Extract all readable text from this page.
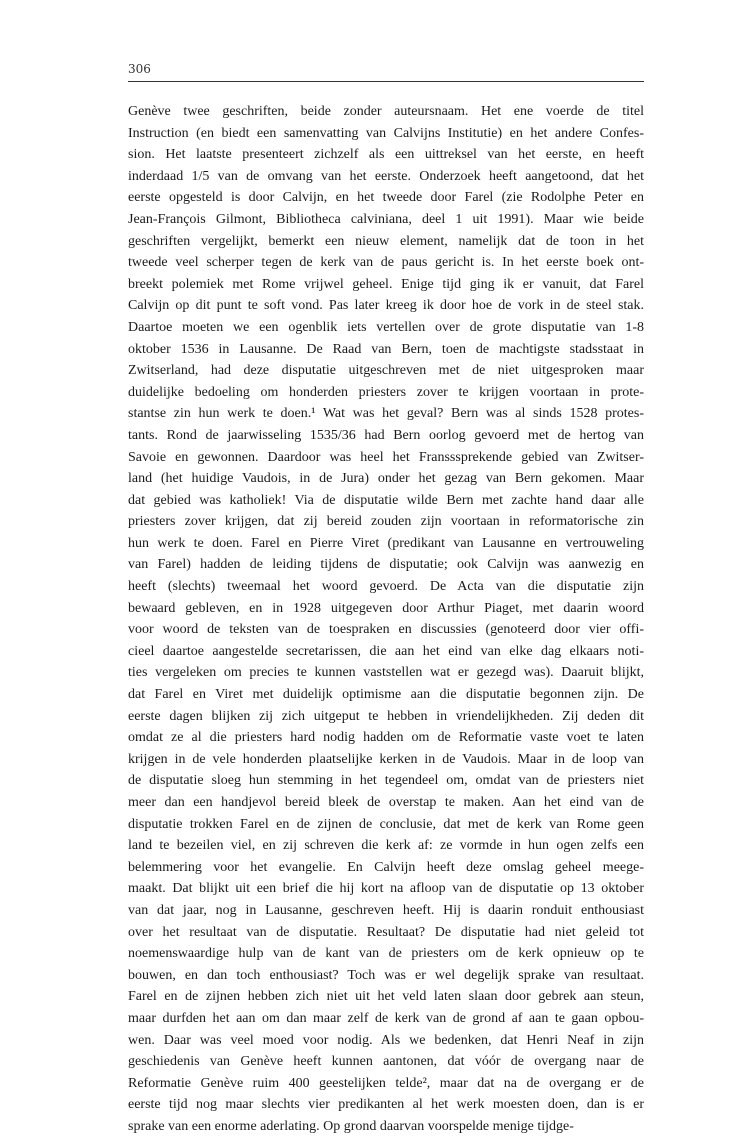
306
Genève twee geschriften, beide zonder auteursnaam. Het ene voerde de titel
Instruction (en biedt een samenvatting van Calvijns Institutie) en het andere Confes-
sion. Het laatste presenteert zichzelf als een uittreksel van het eerste, en heeft
inderdaad 1/5 van de omvang van het eerste. Onderzoek heeft aangetoond, dat het
eerste opgesteld is door Calvijn, en het tweede door Farel (zie Rodolphe Peter en
Jean-François Gilmont, Bibliotheca calviniana, deel 1 uit 1991). Maar wie beide
geschriften vergelijkt, bemerkt een nieuw element, namelijk dat de toon in het
tweede veel scherper tegen de kerk van de paus gericht is. In het eerste boek ont-
breekt polemiek met Rome vrijwel geheel. Enige tijd ging ik er vanuit, dat Farel
Calvijn op dit punt te soft vond. Pas later kreeg ik door hoe de vork in de steel stak.
Daartoe moeten we een ogenblik iets vertellen over de grote disputatie van 1-8
oktober 1536 in Lausanne. De Raad van Bern, toen de machtigste stadsstaat in
Zwitserland, had deze disputatie uitgeschreven met de niet uitgesproken maar
duidelijke bedoeling om honderden priesters zover te krijgen voortaan in prote-
stantse zin hun werk te doen.¹ Wat was het geval? Bern was al sinds 1528 protes-
tants. Rond de jaarwisseling 1535/36 had Bern oorlog gevoerd met de hertog van
Savoie en gewonnen. Daardoor was heel het Fransssprekende gebied van Zwitser-
land (het huidige Vaudois, in de Jura) onder het gezag van Bern gekomen. Maar
dat gebied was katholiek! Via de disputatie wilde Bern met zachte hand daar alle
priesters zover krijgen, dat zij bereid zouden zijn voortaan in reformatorische zin
hun werk te doen. Farel en Pierre Viret (predikant van Lausanne en vertrouweling
van Farel) hadden de leiding tijdens de disputatie; ook Calvijn was aanwezig en
heeft (slechts) tweemaal het woord gevoerd. De Acta van die disputatie zijn
bewaard gebleven, en in 1928 uitgegeven door Arthur Piaget, met daarin woord
voor woord de teksten van de toespraken en discussies (genoteerd door vier offi-
cieel daartoe aangestelde secretarissen, die aan het eind van elke dag elkaars noti-
ties vergeleken om precies te kunnen vaststellen wat er gezegd was). Daaruit blijkt,
dat Farel en Viret met duidelijk optimisme aan die disputatie begonnen zijn. De
eerste dagen blijken zij zich uitgeput te hebben in vriendelijkheden. Zij deden dit
omdat ze al die priesters hard nodig hadden om de Reformatie vaste voet te laten
krijgen in de vele honderden plaatselijke kerken in de Vaudois. Maar in de loop van
de disputatie sloeg hun stemming in het tegendeel om, omdat van de priesters niet
meer dan een handjevol bereid bleek de overstap te maken. Aan het eind van de
disputatie trokken Farel en de zijnen de conclusie, dat met de kerk van Rome geen
land te bezeilen viel, en zij schreven die kerk af: ze vormde in hun ogen zelfs een
belemmering voor het evangelie. En Calvijn heeft deze omslag geheel meege-
maakt. Dat blijkt uit een brief die hij kort na afloop van de disputatie op 13 oktober
van dat jaar, nog in Lausanne, geschreven heeft. Hij is daarin ronduit enthousiast
over het resultaat van de disputatie. Resultaat? De disputatie had niet geleid tot
noemenswaardige hulp van de kant van de priesters om de kerk opnieuw op te
bouwen, en dan toch enthousiast? Toch was er wel degelijk sprake van resultaat.
Farel en de zijnen hebben zich niet uit het veld laten slaan door gebrek aan steun,
maar durfden het aan om dan maar zelf de kerk van de grond af aan te gaan opbou-
wen. Daar was veel moed voor nodig. Als we bedenken, dat Henri Neaf in zijn
geschiedenis van Genève heeft kunnen aantonen, dat vóór de overgang naar de
Reformatie Genève ruim 400 geestelijken telde², maar dat na de overgang er de
eerste tijd nog maar slechts vier predikanten al het werk moesten doen, dan is er
sprake van een enorme aderlating. Op grond daarvan voorspelde menige tijdge-
